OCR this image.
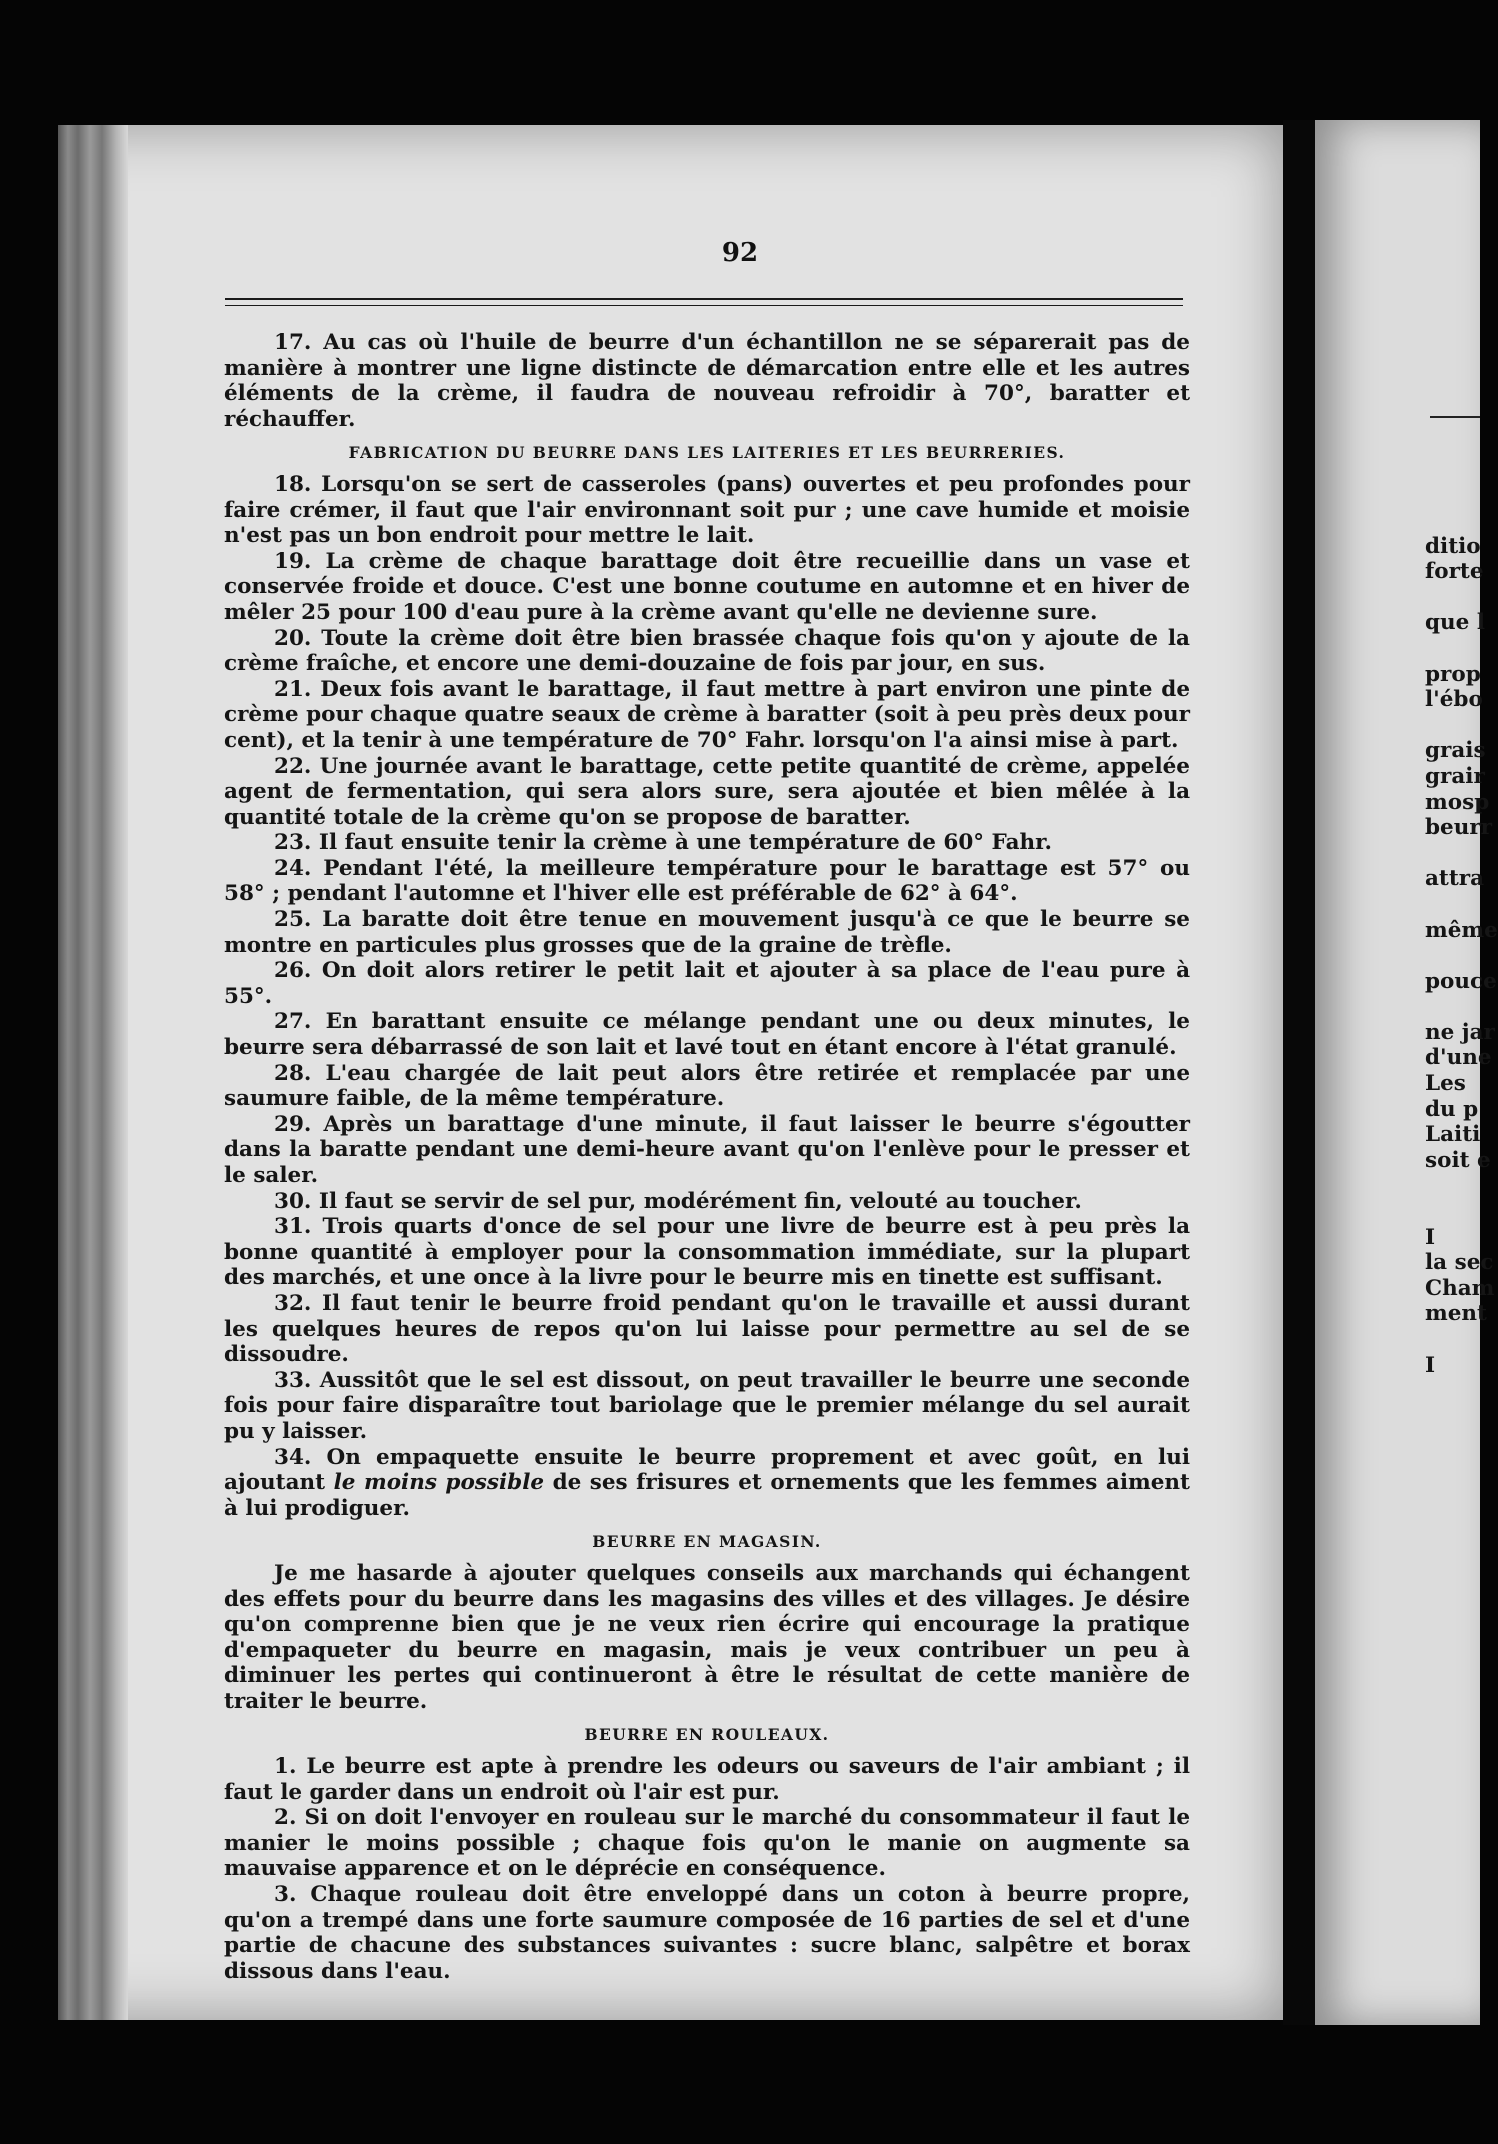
ditio
forte
que l
prop
l'ébo
grais
grair
mosp
beurr
attra
même
pouce
ne jar
d'une
Les
du p
Laiti
soit e
I
la sec
Cham
ment
I
92

17. Au cas où l'huile de beurre d'un échantillon ne se séparerait pas de manière à montrer une ligne distincte de démarcation entre elle et les autres éléments de la crème, il faudra de nouveau refroidir à 70°, baratter et réchauffer.

FABRICATION DU BEURRE DANS LES LAITERIES ET LES BEURRERIES.

18. Lorsqu'on se sert de casseroles (pans) ouvertes et peu profondes pour faire crémer, il faut que l'air environnant soit pur ; une cave humide et moisie n'est pas un bon endroit pour mettre le lait.

19. La crème de chaque barattage doit être recueillie dans un vase et conservée froide et douce. C'est une bonne coutume en automne et en hiver de mêler 25 pour 100 d'eau pure à la crème avant qu'elle ne devienne sure.

20. Toute la crème doit être bien brassée chaque fois qu'on y ajoute de la crème fraîche, et encore une demi-douzaine de fois par jour, en sus.

21. Deux fois avant le barattage, il faut mettre à part environ une pinte de crème pour chaque quatre seaux de crème à baratter (soit à peu près deux pour cent), et la tenir à une température de 70° Fahr. lorsqu'on l'a ainsi mise à part.

22. Une journée avant le barattage, cette petite quantité de crème, appelée agent de fermentation, qui sera alors sure, sera ajoutée et bien mêlée à la quantité totale de la crème qu'on se propose de baratter.

23. Il faut ensuite tenir la crème à une température de 60° Fahr.

24. Pendant l'été, la meilleure température pour le barattage est 57° ou 58° ; pendant l'automne et l'hiver elle est préférable de 62° à 64°.

25. La baratte doit être tenue en mouvement jusqu'à ce que le beurre se montre en particules plus grosses que de la graine de trèfle.

26. On doit alors retirer le petit lait et ajouter à sa place de l'eau pure à 55°.

27. En barattant ensuite ce mélange pendant une ou deux minutes, le beurre sera débarrassé de son lait et lavé tout en étant encore à l'état granulé.

28. L'eau chargée de lait peut alors être retirée et remplacée par une saumure faible, de la même température.

29. Après un barattage d'une minute, il faut laisser le beurre s'égoutter dans la baratte pendant une demi-heure avant qu'on l'enlève pour le presser et le saler.

30. Il faut se servir de sel pur, modérément fin, velouté au toucher.

31. Trois quarts d'once de sel pour une livre de beurre est à peu près la bonne quantité à employer pour la consommation immédiate, sur la plupart des marchés, et une once à la livre pour le beurre mis en tinette est suffisant.

32. Il faut tenir le beurre froid pendant qu'on le travaille et aussi durant les quelques heures de repos qu'on lui laisse pour permettre au sel de se dissoudre.

33. Aussitôt que le sel est dissout, on peut travailler le beurre une seconde fois pour faire disparaître tout bariolage que le premier mélange du sel aurait pu y laisser.

34. On empaquette ensuite le beurre proprement et avec goût, en lui ajoutant le moins possible de ses frisures et ornements que les femmes aiment à lui prodiguer.

BEURRE EN MAGASIN.

Je me hasarde à ajouter quelques conseils aux marchands qui échangent des effets pour du beurre dans les magasins des villes et des villages. Je désire qu'on comprenne bien que je ne veux rien écrire qui encourage la pratique d'empaqueter du beurre en magasin, mais je veux contribuer un peu à diminuer les pertes qui continueront à être le résultat de cette manière de traiter le beurre.

BEURRE EN ROULEAUX.

1. Le beurre est apte à prendre les odeurs ou saveurs de l'air ambiant ; il faut le garder dans un endroit où l'air est pur.

2. Si on doit l'envoyer en rouleau sur le marché du consommateur il faut le manier le moins possible ; chaque fois qu'on le manie on augmente sa mauvaise apparence et on le déprécie en conséquence.

3. Chaque rouleau doit être enveloppé dans un coton à beurre propre, qu'on a trempé dans une forte saumure composée de 16 parties de sel et d'une partie de chacune des substances suivantes : sucre blanc, salpêtre et borax dissous dans l'eau.
